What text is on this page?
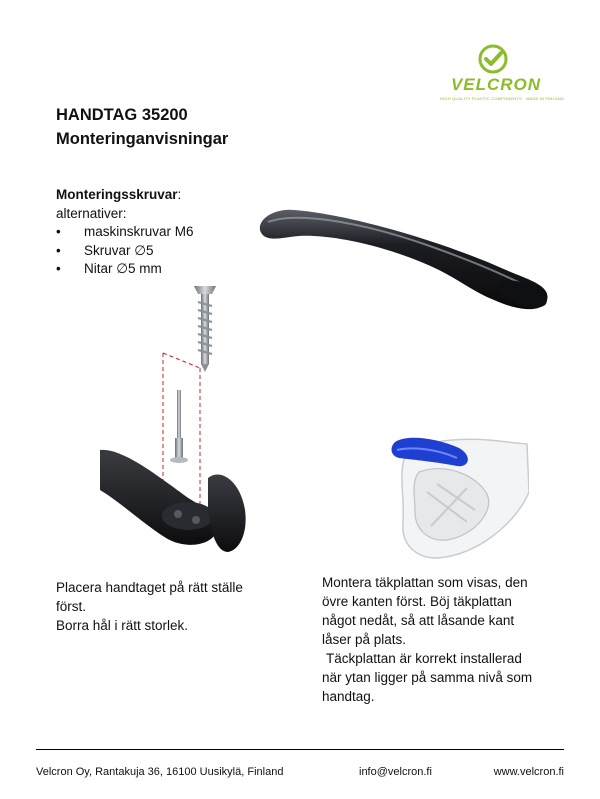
VELCRON
HIGH QUALITY PLASTIC COMPONENTS · MADE IN FINLAND
HANDTAG 35200
Monteringanvisningar
Monteringsskruvar:
alternativer:
• maskinskruvar M6
• Skruvar ∅5
• Nitar ∅5 mm
Placera handtaget på rätt ställe
först.
Borra hål i rätt storlek.
Montera täkplattan som visas, den
övre kanten först. Böj täkplattan
något nedåt, så att låsande kant
låser på plats.
Täckplattan är korrekt installerad
när ytan ligger på samma nivå som
handtag.
Velcron Oy, Rantakuja 36, 16100 Uusikylä, Finland	info@velcron.fi	www.velcron.fi
